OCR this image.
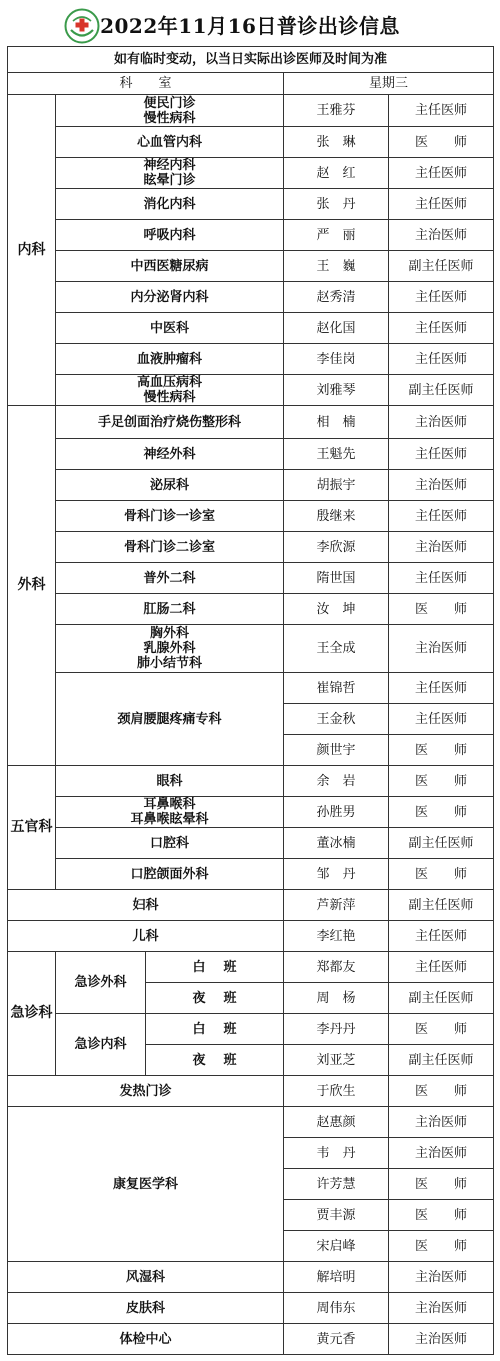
2022年11月16日普诊出诊信息
如有临时变动，以当日实际出诊医师及时间为准				
科　　室			星期三	
内科	便民门诊
慢性病科		王雅芬	主任医师
	心血管内科		张　琳	医　　师
	神经内科
眩晕门诊		赵　红	主任医师
	消化内科		张　丹	主任医师
	呼吸内科		严　丽	主治医师
	中西医糖尿病		王　巍	副主任医师
	内分泌肾内科		赵秀清	主任医师
	中医科		赵化国	主任医师
	血液肿瘤科		李佳岗	主任医师
	高血压病科
慢性病科		刘雅琴	副主任医师
外科	手足创面治疗烧伤整形科		相　楠	主治医师
	神经外科		王魁先	主任医师
	泌尿科		胡振宇	主治医师
	骨科门诊一诊室		殷继来	主任医师
	骨科门诊二诊室		李欣源	主治医师
	普外二科		隋世国	主任医师
	肛肠二科		汝　坤	医　　师
	胸外科
乳腺外科
肺小结节科		王全成	主治医师
	颈肩腰腿疼痛专科		崔锦哲	主任医师
			王金秋	主任医师
			颜世宇	医　　师
五官科	眼科		余　岩	医　　师
	耳鼻喉科
耳鼻喉眩晕科		孙胜男	医　　师
	口腔科		董冰楠	副主任医师
	口腔颌面外科		邹　丹	医　　师
妇科			芦新萍	副主任医师
儿科			李红艳	主任医师
急诊科	急诊外科	白班	郑都友	主任医师
		夜班	周　杨	副主任医师
	急诊内科	白班	李丹丹	医　　师
		夜班	刘亚芝	副主任医师
发热门诊			于欣生	医　　师
康复医学科			赵惠颜	主治医师
			韦　丹	主治医师
			许芳慧	医　　师
			贾丰源	医　　师
			宋启峰	医　　师
风湿科			解培明	主治医师
皮肤科			周伟东	主治医师
体检中心			黄元香	主治医师
